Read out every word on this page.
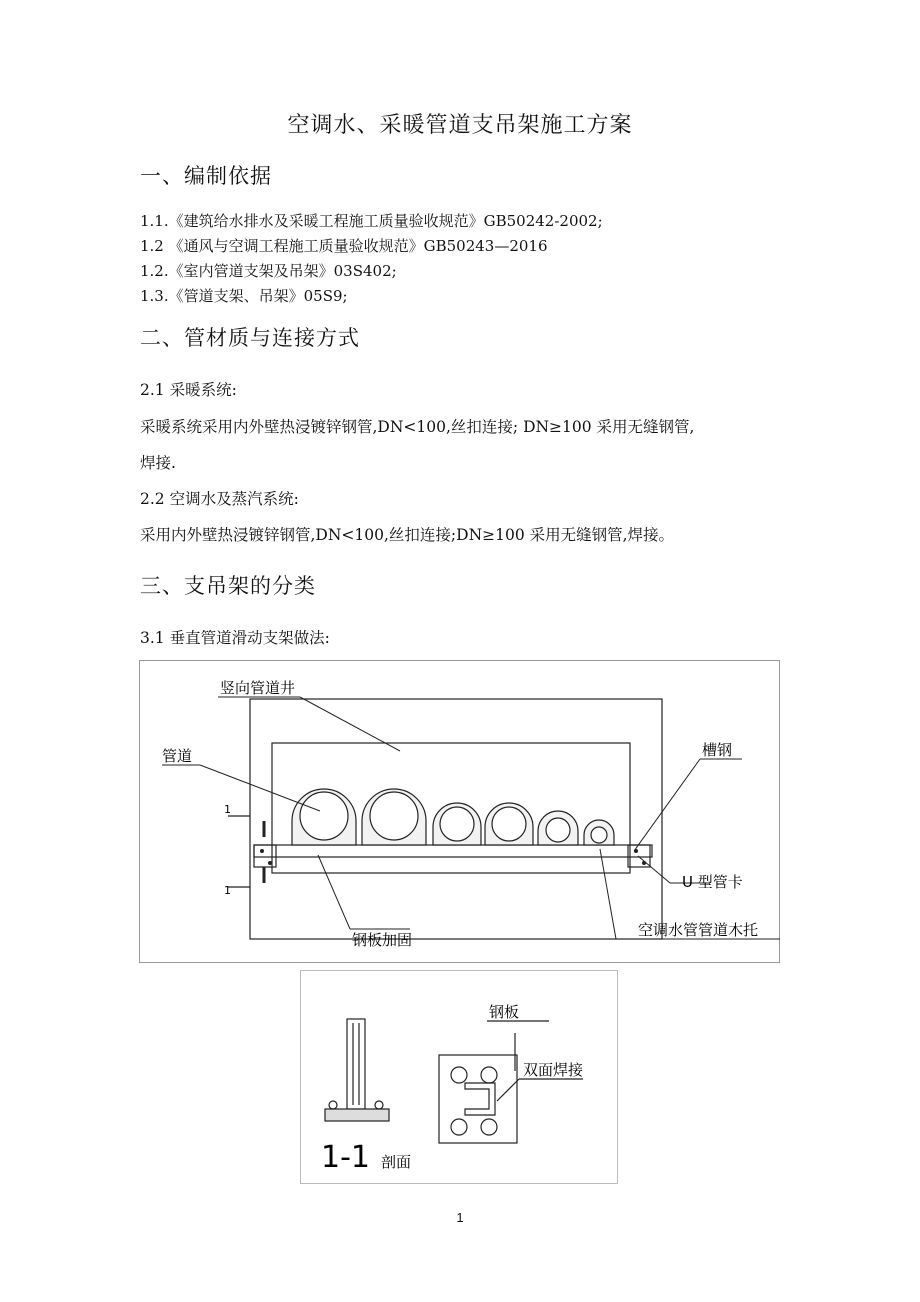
空调水、采暖管道支吊架施工方案
一、编制依据
1.1.《建筑给水排水及采暖工程施工质量验收规范》GB50242-2002;
1.2 《通风与空调工程施工质量验收规范》GB50243—2016
1.2.《室内管道支架及吊架》03S402;
1.3.《管道支架、吊架》05S9;
二、管材质与连接方式
2.1 采暖系统:
采暖系统采用内外壁热浸镀锌钢管,DN<100,丝扣连接; DN≥100 采用无缝钢管,
焊接.
2.2 空调水及蒸汽系统:
采用内外壁热浸镀锌钢管,DN<100,丝扣连接;DN≥100 采用无缝钢管,焊接。
三、支吊架的分类
3.1 垂直管道滑动支架做法:
1
1
竖向管道井
管道	槽钢
U 型管卡
钢板加固
空调水管管道木托
1-1 剖面
钢板
双面焊接
1
